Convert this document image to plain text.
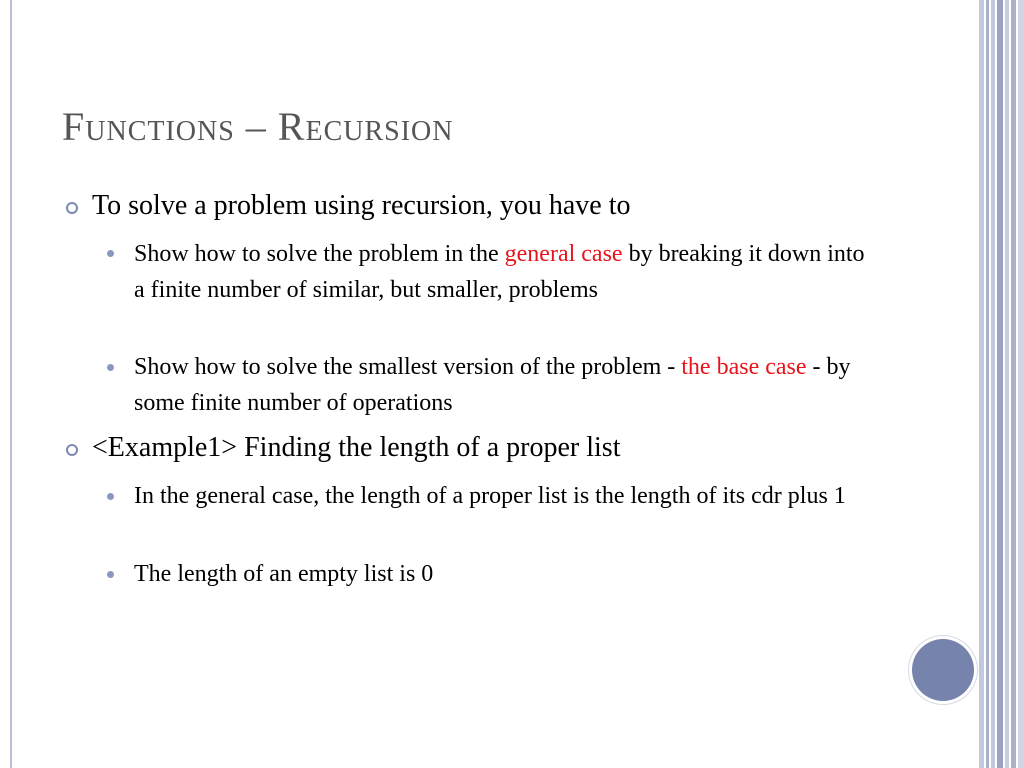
Functions – Recursion
To solve a problem using recursion, you have to
Show how to solve the problem in the general case by breaking it down into a finite number of similar, but smaller, problems
Show how to solve the smallest version of the problem - the base case - by some finite number of operations
<Example1> Finding the length of a proper list
In the general case, the length of a proper list is the length of its cdr plus 1
The length of an empty list is 0
